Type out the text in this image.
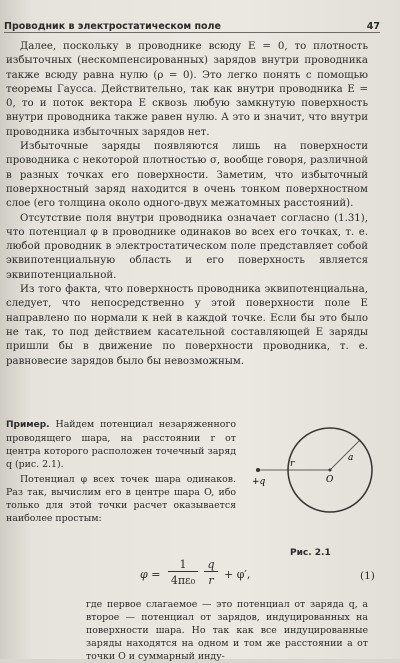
Проводник в электростатическом поле	47

Далее, поскольку в проводнике всюду E = 0, то плотность избыточных (нескомпенсированных) зарядов внутри проводника также всюду равна нулю (ρ = 0). Это легко понять с помощью теоремы Гаусса. Действительно, так как внутри проводника E = 0, то и поток вектора E сквозь любую замкнутую поверхность внутри проводника также равен нулю. А это и значит, что внутри проводника избыточных зарядов нет.

Избыточные заряды появляются лишь на поверхности проводника с некоторой плотностью σ, вообще говоря, различной в разных точках его поверхности. Заметим, что избыточный поверхностный заряд находится в очень тонком поверхностном слое (его толщина около одного-двух межатомных расстояний).

Отсутствие поля внутри проводника означает согласно (1.31), что потенциал φ в проводнике одинаков во всех его точках, т. е. любой проводник в электростатическом поле представляет собой эквипотенциальную область и его поверхность является эквипотенциальной.

Из того факта, что поверхность проводника эквипотенциальна, следует, что непосредственно у этой поверхности поле E направлено по нормали к ней в каждой точке. Если бы это было не так, то под действием касательной составляющей E заряды пришли бы в движение по поверхности проводника, т. е. равновесие зарядов было бы невозможным.

Пример. Найдем потенциал незаряженного проводящего шара, на расстоянии r от центра которого расположен точечный заряд q (рис. 2.1).

Потенциал φ всех точек шара одинаков. Раз так, вычислим его в центре шара O, ибо только для этой точки расчет оказывается наиболее простым:

+q
r
O
a
Рис. 2.1
φ =
1
4πε₀
q
r + φ′,	(1)

где первое слагаемое — это потенциал от заряда q, а второе — потенциал от зарядов, индуцированных на поверхности шара. Но так как все индуцированные заряды находятся на одном и том же расстоянии a от точки O и суммарный инду-
